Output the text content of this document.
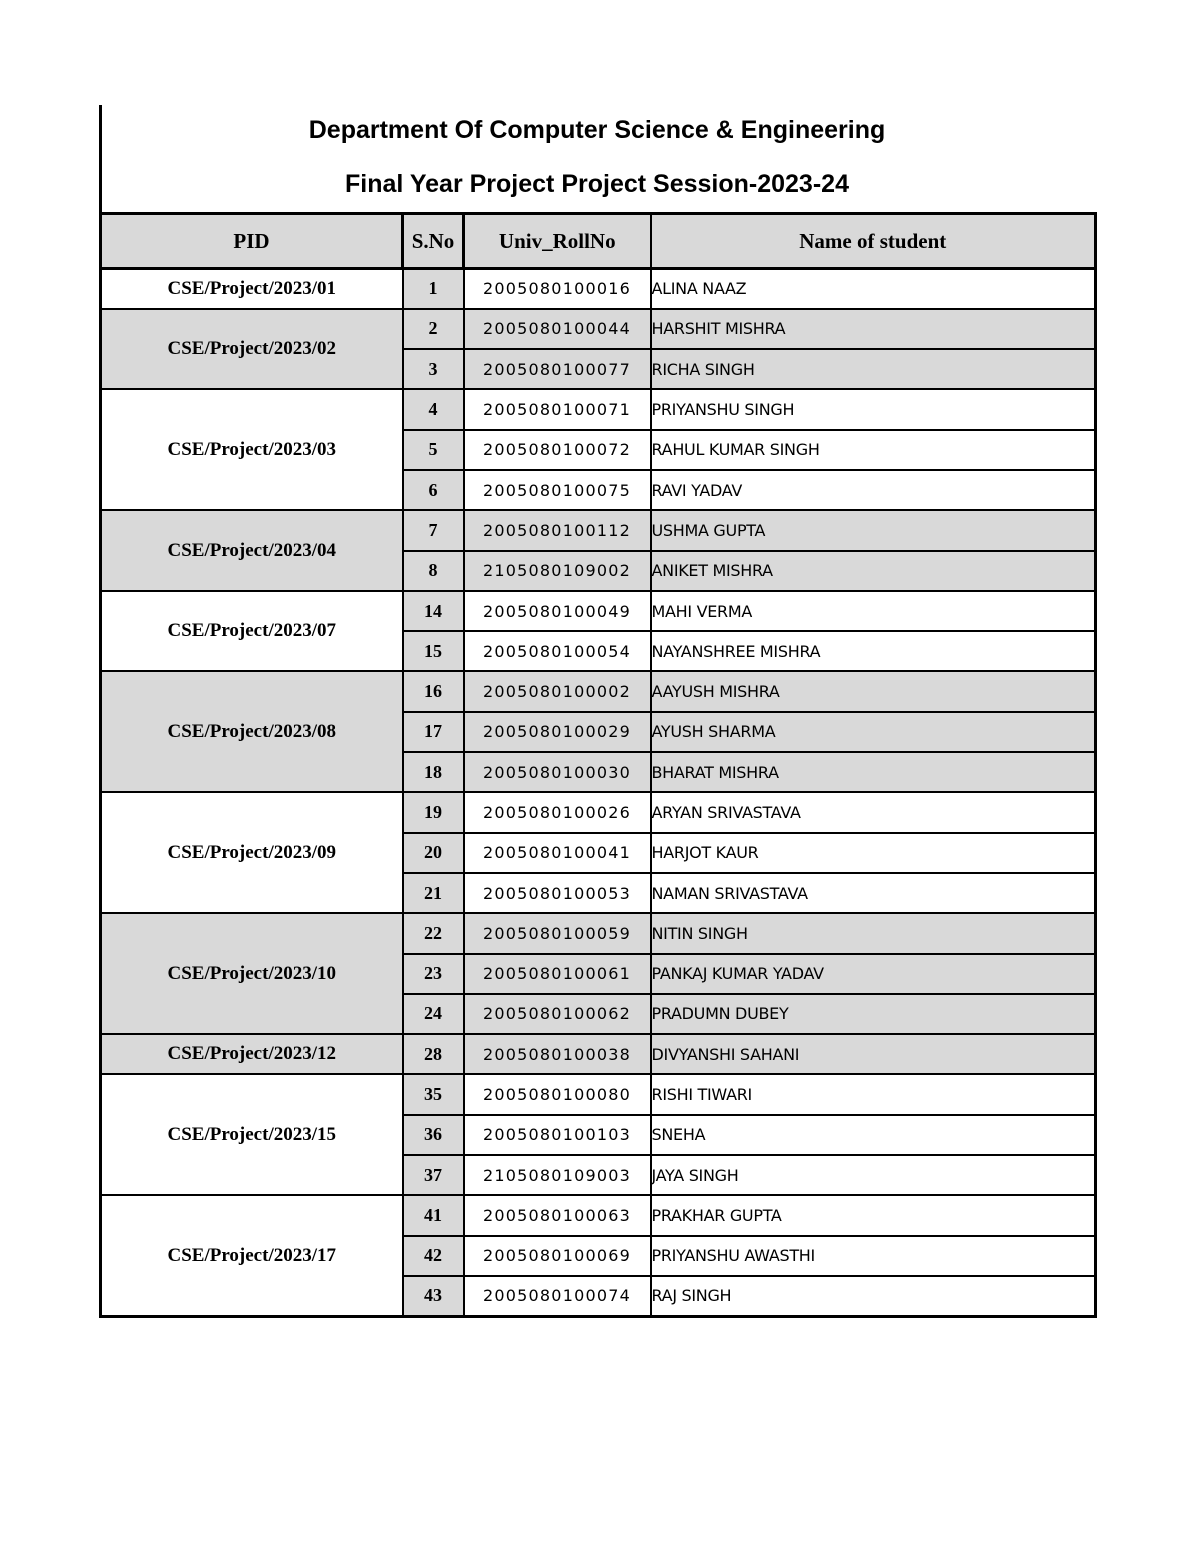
Department Of Computer Science & Engineering
Final Year Project Project Session-2023-24
PID	S.No	Univ_RollNo	Name of student
CSE/Project/2023/01	1	2005080100016	ALINA NAAZ
CSE/Project/2023/02	2	2005080100044	HARSHIT MISHRA
	3	2005080100077	RICHA SINGH
CSE/Project/2023/03	4	2005080100071	PRIYANSHU SINGH
	5	2005080100072	RAHUL KUMAR SINGH
	6	2005080100075	RAVI YADAV
CSE/Project/2023/04	7	2005080100112	USHMA GUPTA
	8	2105080109002	ANIKET MISHRA
CSE/Project/2023/07	14	2005080100049	MAHI VERMA
	15	2005080100054	NAYANSHREE MISHRA
CSE/Project/2023/08	16	2005080100002	AAYUSH MISHRA
	17	2005080100029	AYUSH SHARMA
	18	2005080100030	BHARAT MISHRA
CSE/Project/2023/09	19	2005080100026	ARYAN SRIVASTAVA
	20	2005080100041	HARJOT KAUR
	21	2005080100053	NAMAN SRIVASTAVA
CSE/Project/2023/10	22	2005080100059	NITIN SINGH
	23	2005080100061	PANKAJ KUMAR YADAV
	24	2005080100062	PRADUMN DUBEY
CSE/Project/2023/12	28	2005080100038	DIVYANSHI SAHANI
CSE/Project/2023/15	35	2005080100080	RISHI TIWARI
	36	2005080100103	SNEHA
	37	2105080109003	JAYA SINGH
CSE/Project/2023/17	41	2005080100063	PRAKHAR GUPTA
	42	2005080100069	PRIYANSHU AWASTHI
	43	2005080100074	RAJ SINGH
